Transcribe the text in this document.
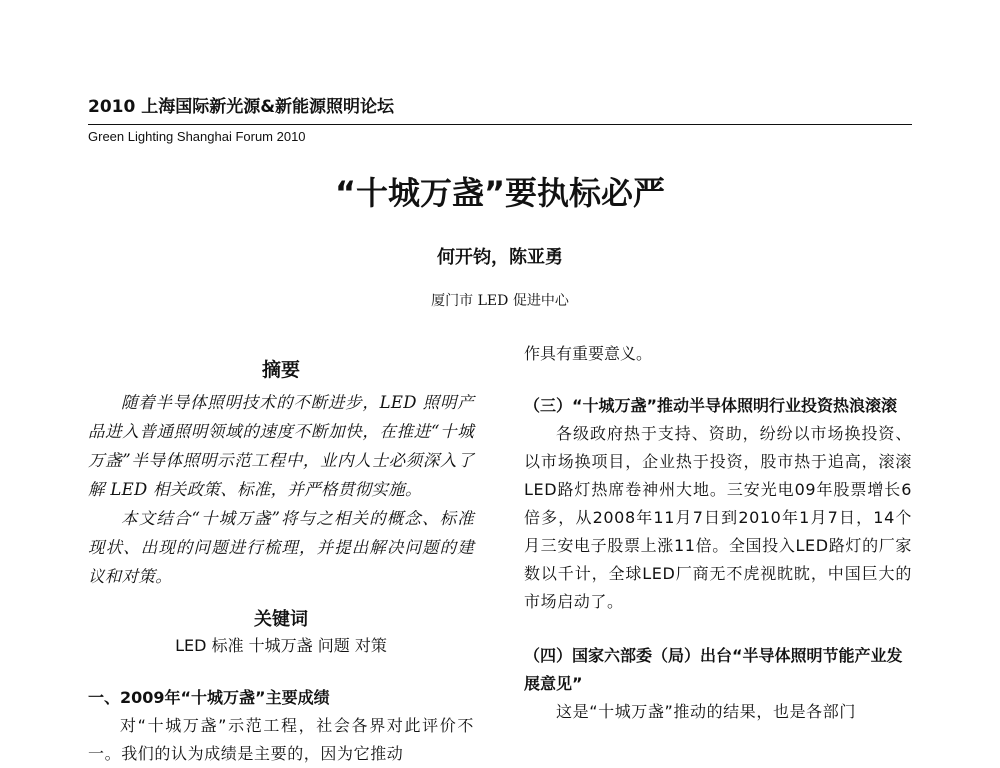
2010 上海国际新光源&新能源照明论坛
Green Lighting Shanghai Forum 2010
“十城万盏”要执标必严
何开钧，陈亚勇
厦门市 LED 促进中心
摘要

随着半导体照明技术的不断进步，LED 照明产品进入普通照明领域的速度不断加快，在推进“十城万盏”半导体照明示范工程中，业内人士必须深入了解 LED 相关政策、标准，并严格贯彻实施。

本文结合“十城万盏”将与之相关的概念、标准现状、出现的问题进行梳理，并提出解决问题的建议和对策。

关键词

LED 标准 十城万盏 问题 对策

一、2009年“十城万盏”主要成绩

对“十城万盏”示范工程，社会各界对此评价不一。我们的认为成绩是主要的，因为它推动

作具有重要意义。

（三）“十城万盏”推动半导体照明行业投资热浪滚滚

各级政府热于支持、资助，纷纷以市场换投资、以市场换项目，企业热于投资，股市热于追高，滚滚LED路灯热席卷神州大地。三安光电09年股票增长6倍多，从2008年11月7日到2010年1月7日，14个月三安电子股票上涨11倍。全国投入LED路灯的厂家数以千计，全球LED厂商无不虎视眈眈，中国巨大的市场启动了。

（四）国家六部委（局）出台“半导体照明节能产业发展意见”

这是“十城万盏”推动的结果，也是各部门
